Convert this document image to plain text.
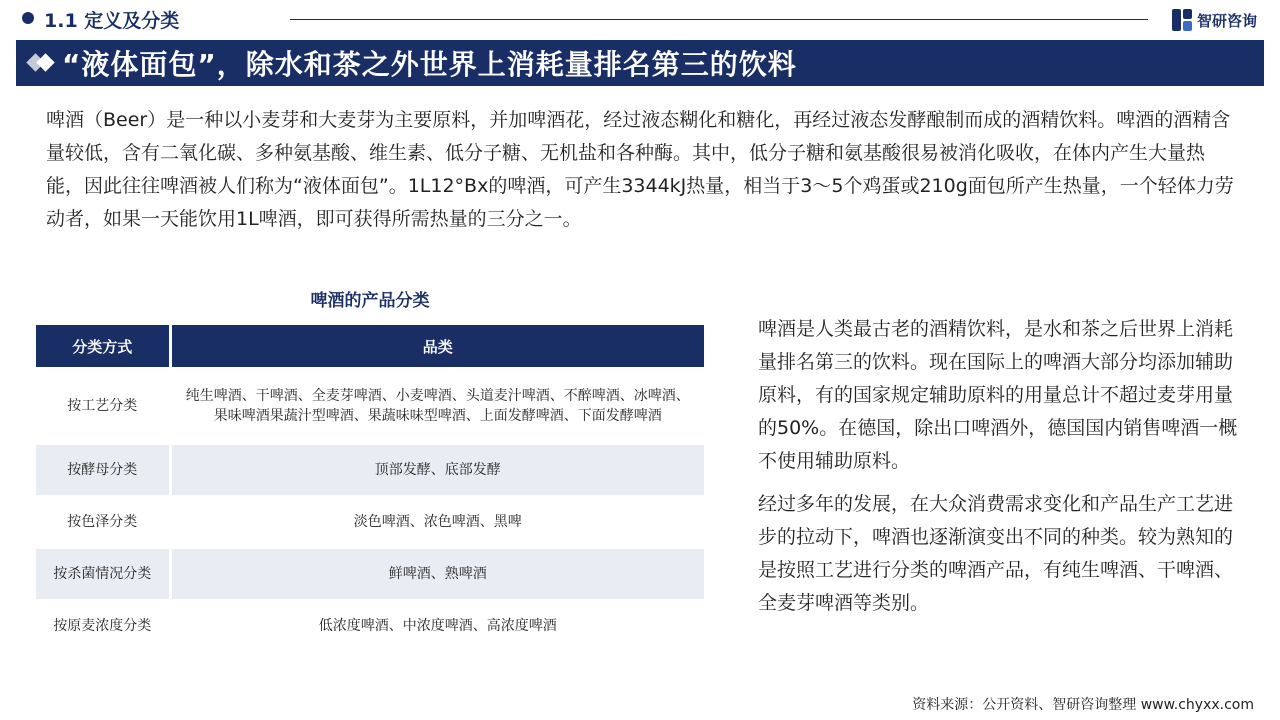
1.1 定义及分类	智研咨询
“液体面包”，除水和茶之外世界上消耗量排名第三的饮料

啤酒（Beer）是一种以小麦芽和大麦芽为主要原料，并加啤酒花，经过液态糊化和糖化，再经过液态发酵酿制而成的酒精饮料。啤酒的酒精含量较低，含有二氧化碳、多种氨基酸、维生素、低分子糖、无机盐和各种酶。其中，低分子糖和氨基酸很易被消化吸收，在体内产生大量热能，因此往往啤酒被人们称为“液体面包”。1L12°Bx的啤酒，可产生3344kJ热量，相当于3～5个鸡蛋或210g面包所产生热量，一个轻体力劳动者，如果一天能饮用1L啤酒，即可获得所需热量的三分之一。

啤酒的产品分类
分类方式	品类
按工艺分类	纯生啤酒、干啤酒、全麦芽啤酒、小麦啤酒、头道麦汁啤酒、不醉啤酒、冰啤酒、果味啤酒果蔬汁型啤酒、果蔬味味型啤酒、上面发酵啤酒、下面发酵啤酒
按酵母分类	顶部发酵、底部发酵
按色泽分类	淡色啤酒、浓色啤酒、黑啤
按杀菌情况分类	鲜啤酒、熟啤酒
按原麦浓度分类	低浓度啤酒、中浓度啤酒、高浓度啤酒

啤酒是人类最古老的酒精饮料，是水和茶之后世界上消耗量排名第三的饮料。现在国际上的啤酒大部分均添加辅助原料，有的国家规定辅助原料的用量总计不超过麦芽用量的50%。在德国，除出口啤酒外，德国国内销售啤酒一概不使用辅助原料。

经过多年的发展，在大众消费需求变化和产品生产工艺进步的拉动下，啤酒也逐渐演变出不同的种类。较为熟知的是按照工艺进行分类的啤酒产品，有纯生啤酒、干啤酒、全麦芽啤酒等类别。

资料来源：公开资料、智研咨询整理 www.chyxx.com
